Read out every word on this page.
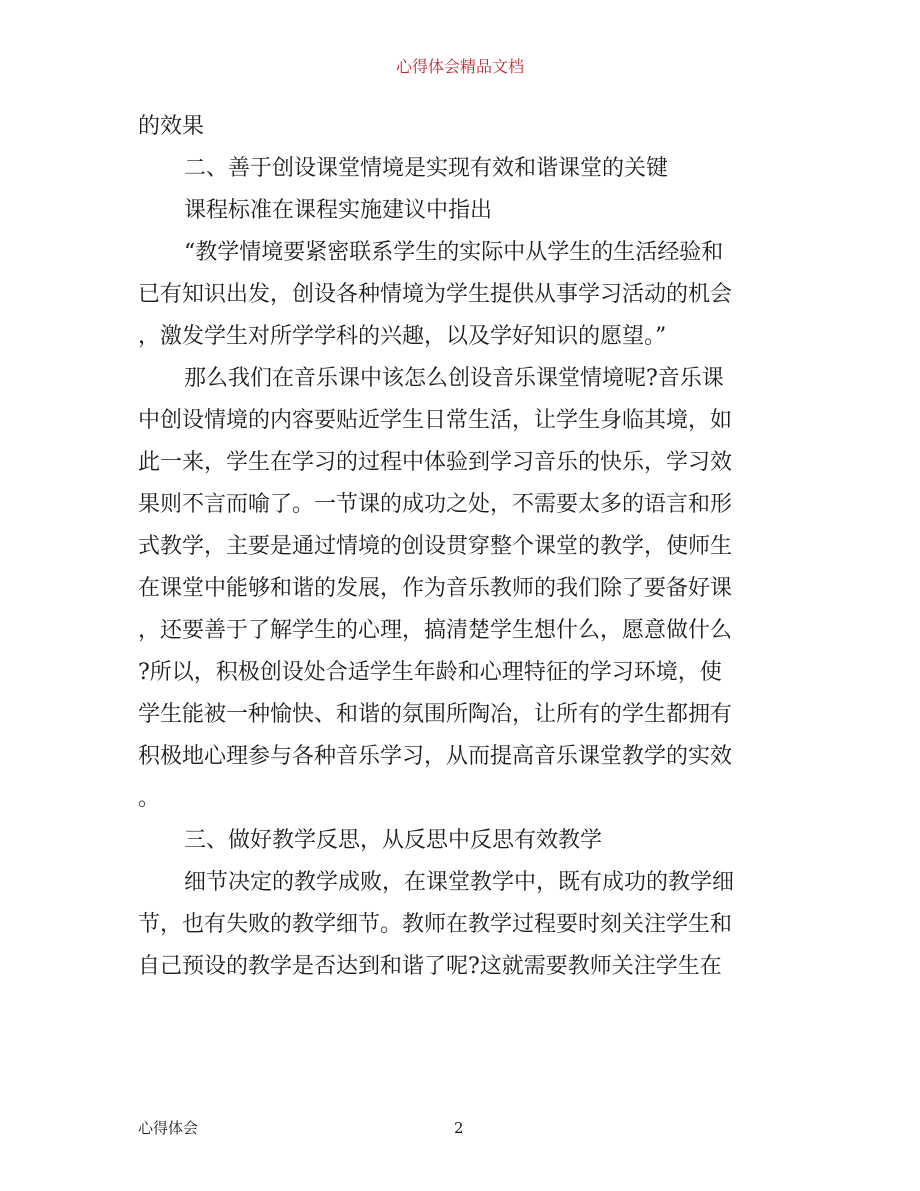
心得体会精品文档
的效果
二、善于创设课堂情境是实现有效和谐课堂的关键
课程标准在课程实施建议中指出
“教学情境要紧密联系学生的实际中从学生的生活经验和
已有知识出发，创设各种情境为学生提供从事学习活动的机会
，激发学生对所学学科的兴趣，以及学好知识的愿望。”
那么我们在音乐课中该怎么创设音乐课堂情境呢?音乐课
中创设情境的内容要贴近学生日常生活，让学生身临其境，如
此一来，学生在学习的过程中体验到学习音乐的快乐，学习效
果则不言而喻了。一节课的成功之处，不需要太多的语言和形
式教学，主要是通过情境的创设贯穿整个课堂的教学，使师生
在课堂中能够和谐的发展，作为音乐教师的我们除了要备好课
，还要善于了解学生的心理，搞清楚学生想什么，愿意做什么
?所以，积极创设处合适学生年龄和心理特征的学习环境，使
学生能被一种愉快、和谐的氛围所陶冶，让所有的学生都拥有
积极地心理参与各种音乐学习，从而提高音乐课堂教学的实效
。
三、做好教学反思，从反思中反思有效教学
细节决定的教学成败，在课堂教学中，既有成功的教学细
节，也有失败的教学细节。教师在教学过程要时刻关注学生和
自己预设的教学是否达到和谐了呢?这就需要教师关注学生在
心得体会	2
